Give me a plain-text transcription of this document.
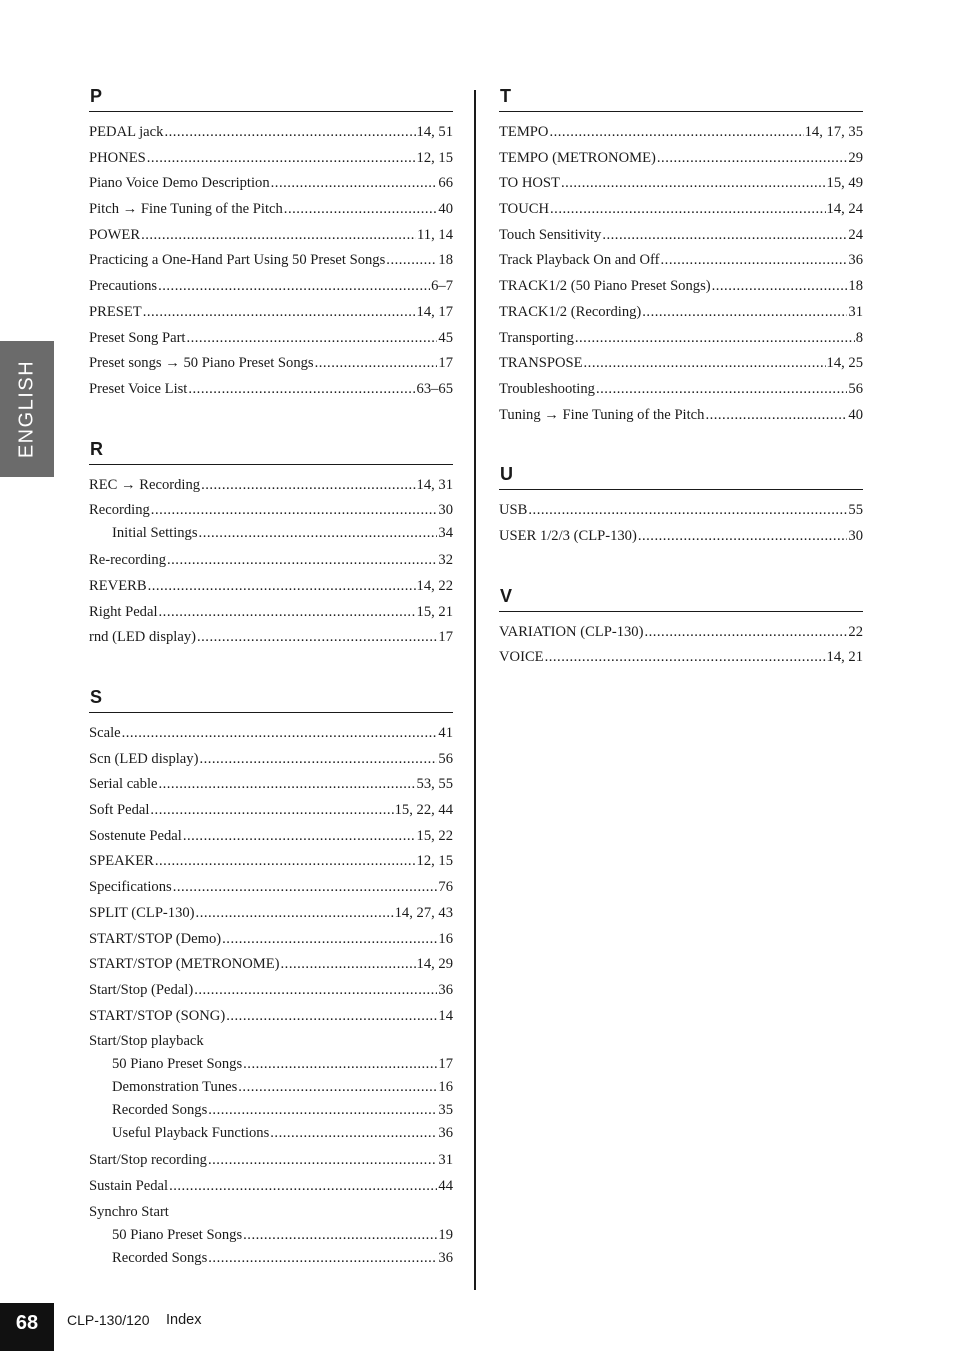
ENGLISH
P
PEDAL jack .....	14, 51
PHONES .....	12, 15
Piano Voice Demo Description .....	66
Pitch → Fine Tuning of the Pitch .....	40
POWER .....	11, 14
Practicing a One-Hand Part Using 50 Preset Songs .....	18
Precautions .....	6–7
PRESET .....	14, 17
Preset Song Part .....	45
Preset songs → 50 Piano Preset Songs .....	17
Preset Voice List .....	63–65
R
REC → Recording .....	14, 31
Recording .....	30
Initial Settings .....	34
Re-recording .....	32
REVERB .....	14, 22
Right Pedal .....	15, 21
rnd (LED display) .....	17
S
Scale .....	41
Scn (LED display) .....	56
Serial cable .....	53, 55
Soft Pedal .....	15, 22, 44
Sostenute Pedal .....	15, 22
SPEAKER .....	12, 15
Specifications .....	76
SPLIT (CLP-130) .....	14, 27, 43
START/STOP (Demo) .....	16
START/STOP (METRONOME) .....	14, 29
Start/Stop (Pedal) .....	36
START/STOP (SONG) .....	14
Start/Stop playback
50 Piano Preset Songs .....	17
Demonstration Tunes .....	16
Recorded Songs .....	35
Useful Playback Functions .....	36
Start/Stop recording .....	31
Sustain Pedal .....	44
Synchro Start
50 Piano Preset Songs .....	19
Recorded Songs .....	36
T
TEMPO .....	14, 17, 35
TEMPO (METRONOME) .....	29
TO HOST .....	15, 49
TOUCH .....	14, 24
Touch Sensitivity .....	24
Track Playback On and Off .....	36
TRACK1/2 (50 Piano Preset Songs) .....	18
TRACK1/2 (Recording) .....	31
Transporting .....	8
TRANSPOSE .....	14, 25
Troubleshooting .....	56
Tuning → Fine Tuning of the Pitch .....	40
U
USB .....	55
USER 1/2/3 (CLP-130) .....	30
V
VARIATION (CLP-130) .....	22
VOICE .....	14, 21
68	CLP-130/120 Index
